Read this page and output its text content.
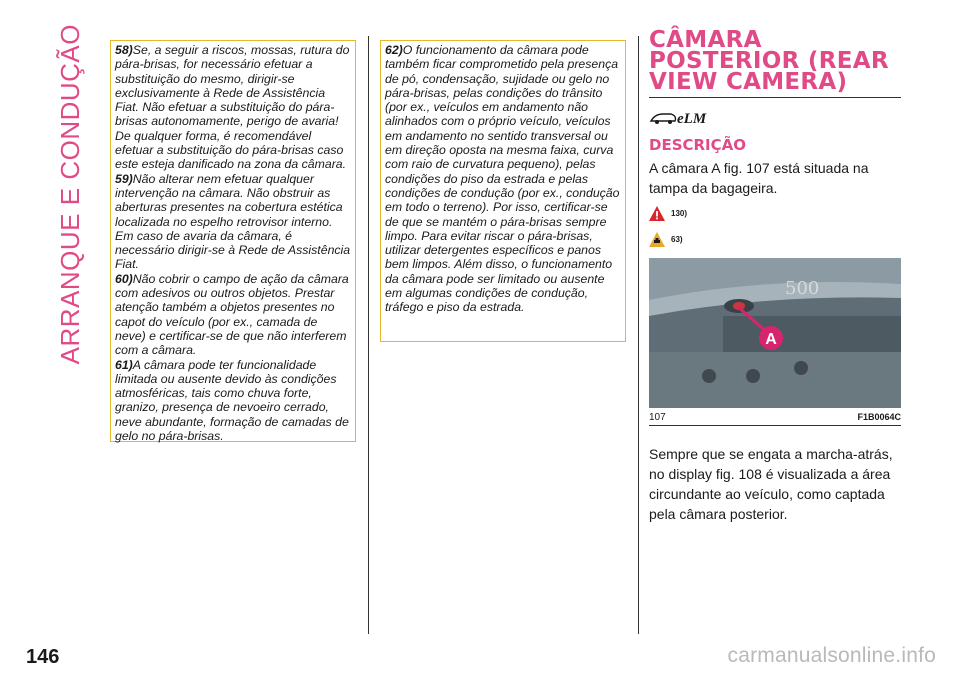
ARRANQUE E CONDUÇÃO 58)Se, a seguir a riscos, mossas, rutura do pára-brisas, for necessário efetuar a substituição do mesmo, dirigir-se exclusivamente à Rede de Assistência Fiat. Não efetuar a substituição do pára-brisas autonomamente, perigo de avaria! De qualquer forma, é recomendável efetuar a substituição do pára-brisas caso este esteja danificado na zona da câmara.

59)Não alterar nem efetuar qualquer intervenção na câmara. Não obstruir as aberturas presentes na cobertura estética localizada no espelho retrovisor interno. Em caso de avaria da câmara, é necessário dirigir-se à Rede de Assistência Fiat.

60)Não cobrir o campo de ação da câmara com adesivos ou outros objetos. Prestar atenção também a objetos presentes no capot do veículo (por ex., camada de neve) e certificar-se de que não interferem com a câmara.

61)A câmara pode ter funcionalidade limitada ou ausente devido às condições atmosféricas, tais como chuva forte, granizo, presença de nevoeiro cerrado, neve abundante, formação de camadas de gelo no pára-brisas.

62)O funcionamento da câmara pode também ficar comprometido pela presença de pó, condensação, sujidade ou gelo no pára-brisas, pelas condições do trânsito (por ex., veículos em andamento não alinhados com o próprio veículo, veículos em andamento no sentido transversal ou em direção oposta na mesma faixa, curva com raio de curvatura pequeno), pelas condições do piso da estrada e pelas condições de condução (por ex., condução em todo o terreno). Por isso, certificar-se de que se mantém o pára-brisas sempre limpo. Para evitar riscar o pára-brisas, utilizar detergentes específicos e panos bem limpos. Além disso, o funcionamento da câmara pode ser limitado ou ausente em algumas condições de condução, tráfego e piso da estrada.

CÂMARA POSTERIOR (REAR VIEW CAMERA)
eLM
DESCRIÇÃO

A câmara A fig. 107 está situada na tampa da bagageira.

130)
63)
500
A
107	F1B0064C

Sempre que se engata a marcha-atrás, no display fig. 108 é visualizada a área circundante ao veículo, como captada pela câmara posterior.

146	carmanualsonline.info
